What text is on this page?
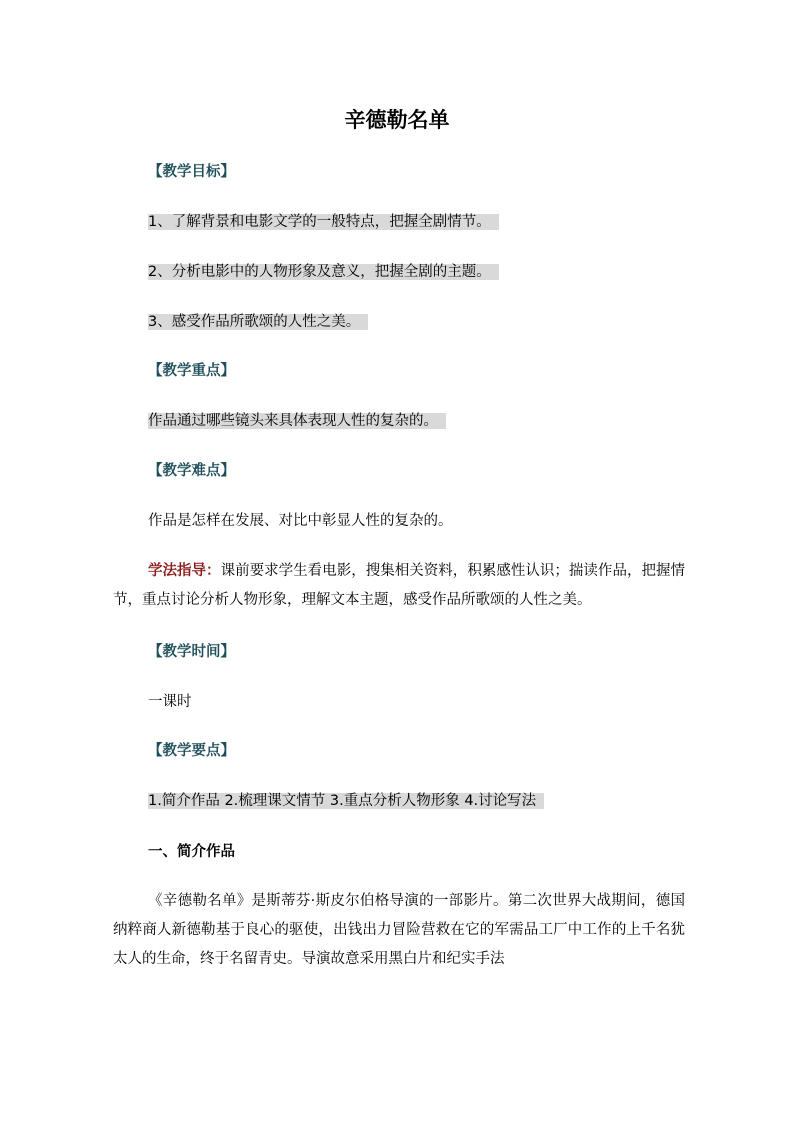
辛德勒名单
【教学目标】
1、了解背景和电影文学的一般特点，把握全剧情节。
2、分析电影中的人物形象及意义，把握全剧的主题。
3、感受作品所歌颂的人性之美。
【教学重点】
作品通过哪些镜头来具体表现人性的复杂的。
【教学难点】
作品是怎样在发展、对比中彰显人性的复杂的。
学法指导：课前要求学生看电影，搜集相关资料，积累感性认识；揣读作品，把握情节，重点讨论分析人物形象，理解文本主题，感受作品所歌颂的人性之美。
【教学时间】
一课时
【教学要点】
1.简介作品 2.梳理课文情节 3.重点分析人物形象 4.讨论写法
一、简介作品
《辛德勒名单》是斯蒂芬·斯皮尔伯格导演的一部影片。第二次世界大战期间，德国纳粹商人新德勒基于良心的驱使，出钱出力冒险营救在它的军需品工厂中工作的上千名犹太人的生命，终于名留青史。导演故意采用黑白片和纪实手法
